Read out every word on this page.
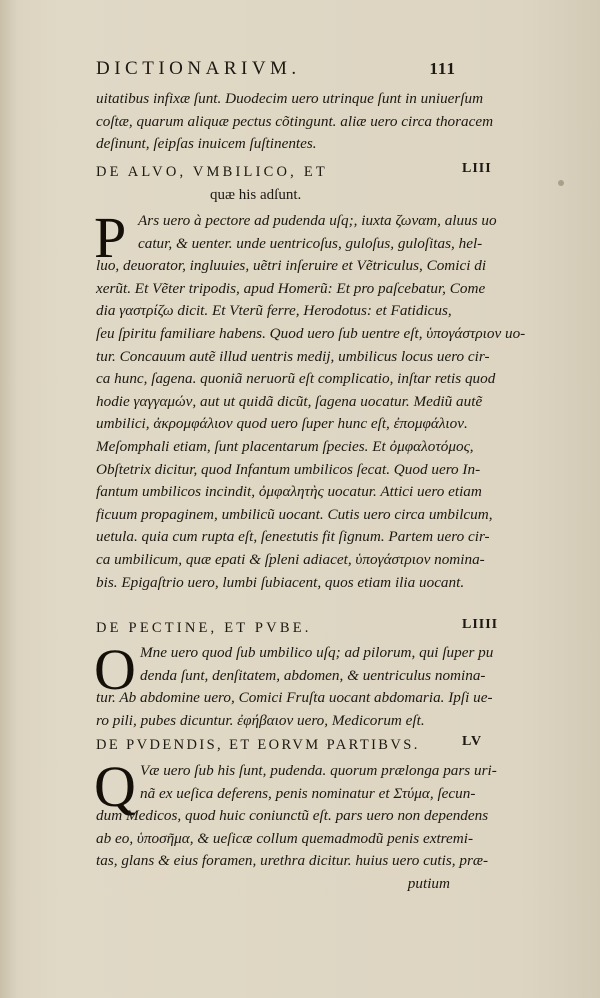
DICTIONARIVM.	111
uitatibus infixæ ſunt. Duodecim uero utrinque ſunt in uniuerſum
coſtæ, quarum aliquæ pectus cõtingunt. aliæ uero circa thoracem
deſinunt, ſeipſas inuicem ſuſtinentes.
DE ALVO, VMBILICO, ET	LIII
quæ his adſunt.
P Ars uero à pectore ad pudenda uſq;, iuxta ζωναm, aluus uo
catur, & uenter. unde uentricoſus, guloſus, guloſitas, hel-
luo, deuorator, ingluuies, uẽtri inſeruire et Vẽtriculus, Comici di
xerũt. Et Vẽter tripodis, apud Homerũ: Et pro paſcebatur, Come
dia γαστρίζω dicit. Et Vterũ ferre, Herodotus: et Fatidicus,
ſeu ſpiritu familiare habens. Quod uero ſub uentre eſt, ὑπογάστριον uo-
tur. Concauum autẽ illud uentris medij, umbilicus locus uero cir-
ca hunc, ſagena. quoniã neruorũ eſt complicatio, inſtar retis quod
hodie γαγγαμών, aut ut quidã dicũt, ſagena uocatur. Mediũ autẽ
umbilici, ἀκρομφάλιον quod uero ſuper hunc eſt, ἐπομφάλιον.
Meſomphali etiam, ſunt placentarum ſpecies. Et ὀμφαλοτόμος,
Obſtetrix dicitur, quod Infantum umbilicos ſecat. Quod uero In-
fantum umbilicos incindit, ὀμφαλητὴς uocatur. Attici uero etiam
ficuum propaginem, umbilicũ uocant. Cutis uero circa umbilcum,
uetula. quia cum rupta eſt, ſeneεtutis fit ſignum. Partem uero cir-
ca umbilicum, quæ epati & ſpleni adiacet, ὑπογάστριον nomina-
bis. Epigaſtrio uero, lumbi ſubiacent, quos etiam ilia uocant.
DE PECTINE, ET PVBE.	LIIII
O Mne uero quod ſub umbilico uſq; ad pilorum, qui ſuper pu
denda ſunt, denſitatem, abdomen, & uentriculus nomina-
tur. Ab abdomine uero, Comici Fruſta uocant abdomaria. Ipſi ue-
ro pili, pubes dicuntur. ἐφήβαιον uero, Medicorum eſt.
DE PVDENDIS, ET EORVM PARTIBVS.	LV
Q Væ uero ſub his ſunt, pudenda. quorum prælonga pars uri-
nã ex ueſica deferens, penis nominatur et Στύμα, ſecun-
dum Medicos, quod huic coniunctũ eſt. pars uero non dependens
ab eo, ὑποσῆμα, & ueſicæ collum quemadmodũ penis extremi-
tas, glans & eius foramen, urethra dicitur. huius uero cutis, præ-
putium
